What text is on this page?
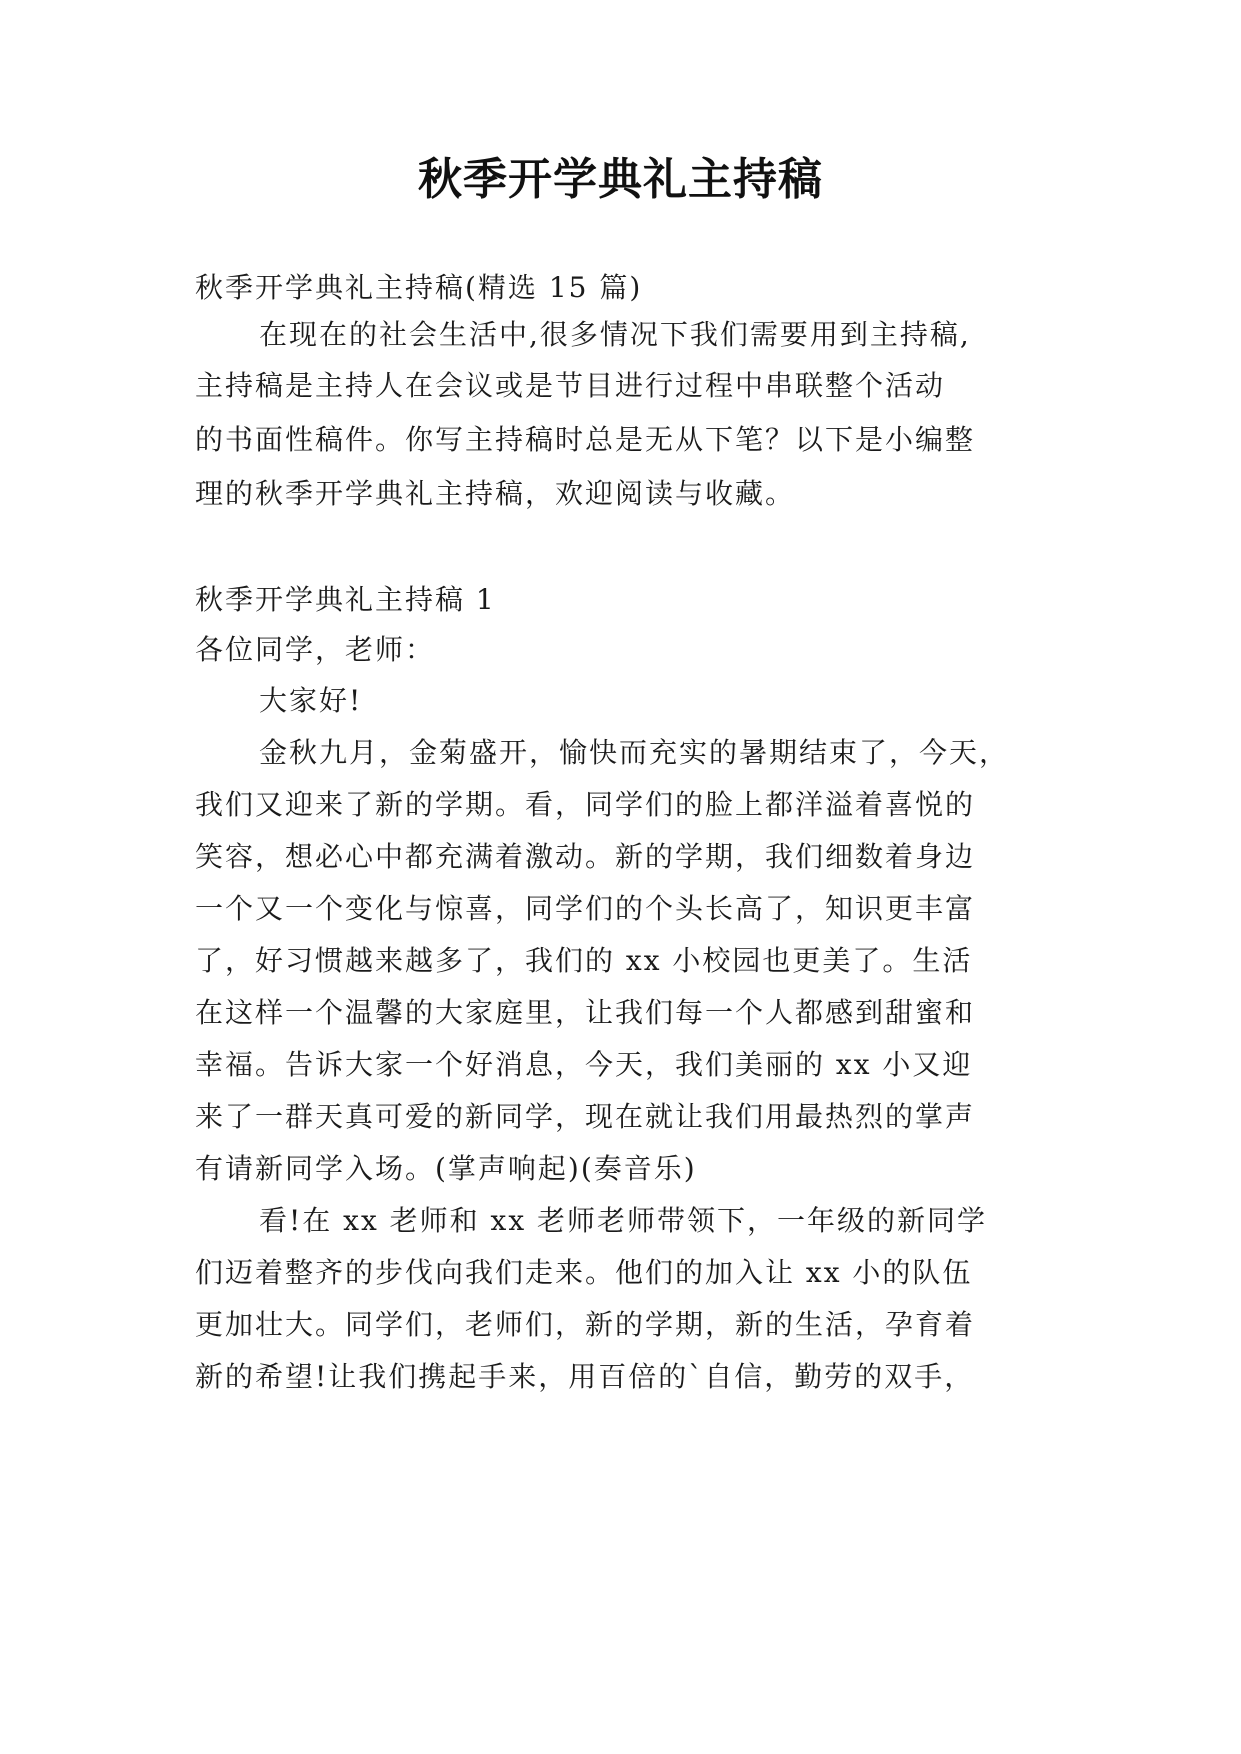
秋季开学典礼主持稿
秋季开学典礼主持稿(精选 15 篇)
在现在的社会生活中,很多情况下我们需要用到主持稿,
主持稿是主持人在会议或是节目进行过程中串联整个活动
的书面性稿件。你写主持稿时总是无从下笔？以下是小编整
理的秋季开学典礼主持稿，欢迎阅读与收藏。
秋季开学典礼主持稿 1
各位同学，老师：
大家好!
金秋九月，金菊盛开，愉快而充实的暑期结束了，今天，
我们又迎来了新的学期。看，同学们的脸上都洋溢着喜悦的
笑容，想必心中都充满着激动。新的学期，我们细数着身边
一个又一个变化与惊喜，同学们的个头长高了，知识更丰富
了，好习惯越来越多了，我们的 xx 小校园也更美了。生活
在这样一个温馨的大家庭里，让我们每一个人都感到甜蜜和
幸福。告诉大家一个好消息，今天，我们美丽的 xx 小又迎
来了一群天真可爱的新同学，现在就让我们用最热烈的掌声
有请新同学入场。(掌声响起)(奏音乐)
看!在 xx 老师和 xx 老师老师带领下，一年级的新同学
们迈着整齐的步伐向我们走来。他们的加入让 xx 小的队伍
更加壮大。同学们，老师们，新的学期，新的生活，孕育着
新的希望!让我们携起手来，用百倍的`自信，勤劳的双手，
